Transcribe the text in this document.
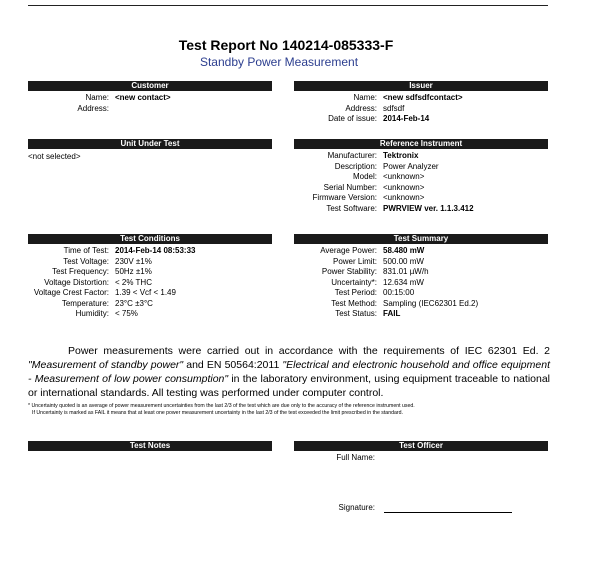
Test Report No 140214-085333-F
Standby Power Measurement
Customer	Issuer
Name: <new contact>
Address:
Name: <new sdfsdfcontact>
Address: sdfsdf
Date of issue: 2014-Feb-14
Unit Under Test	Reference Instrument
<not selected>	Manufacturer: Tektronix
Description: Power Analyzer
Model: <unknown>
Serial Number: <unknown>
Firmware Version: <unknown>
Test Software: PWRVIEW ver. 1.1.3.412
Test Conditions	Test Summary
Time of Test: 2014-Feb-14 08:53:33
Test Voltage: 230V ±1%
Test Frequency: 50Hz ±1%
Voltage Distortion: < 2% THC
Voltage Crest Factor: 1.39 < Vcf < 1.49
Temperature: 23°C ±3°C
Humidity: < 75%
Average Power: 58.480 mW
Power Limit: 500.00 mW
Power Stability: 831.01 µW/h
Uncertainty*: 12.634 mW
Test Period: 00:15:00
Test Method: Sampling (IEC62301 Ed.2)
Test Status: FAIL
Power measurements were carried out in accordance with the requirements of IEC 62301 Ed. 2 "Measurement of standby power" and EN 50564:2011 "Electrical and electronic household and office equipment - Measurement of low power consumption" in the laboratory environment, using equipment traceable to national or international standards. All testing was performed under computer control.
* Uncertainty quoted is an average of power measurement uncertainties from the last 2/3 of the test which are due only to the accuracy of the reference instrument used.
If Uncertainty is marked as FAIL it means that at least one power measurement uncertainty in the last 2/3 of the test exceeded the limit prescribed in the standard.
Test Notes	Test Officer
Full Name:
Signature:
